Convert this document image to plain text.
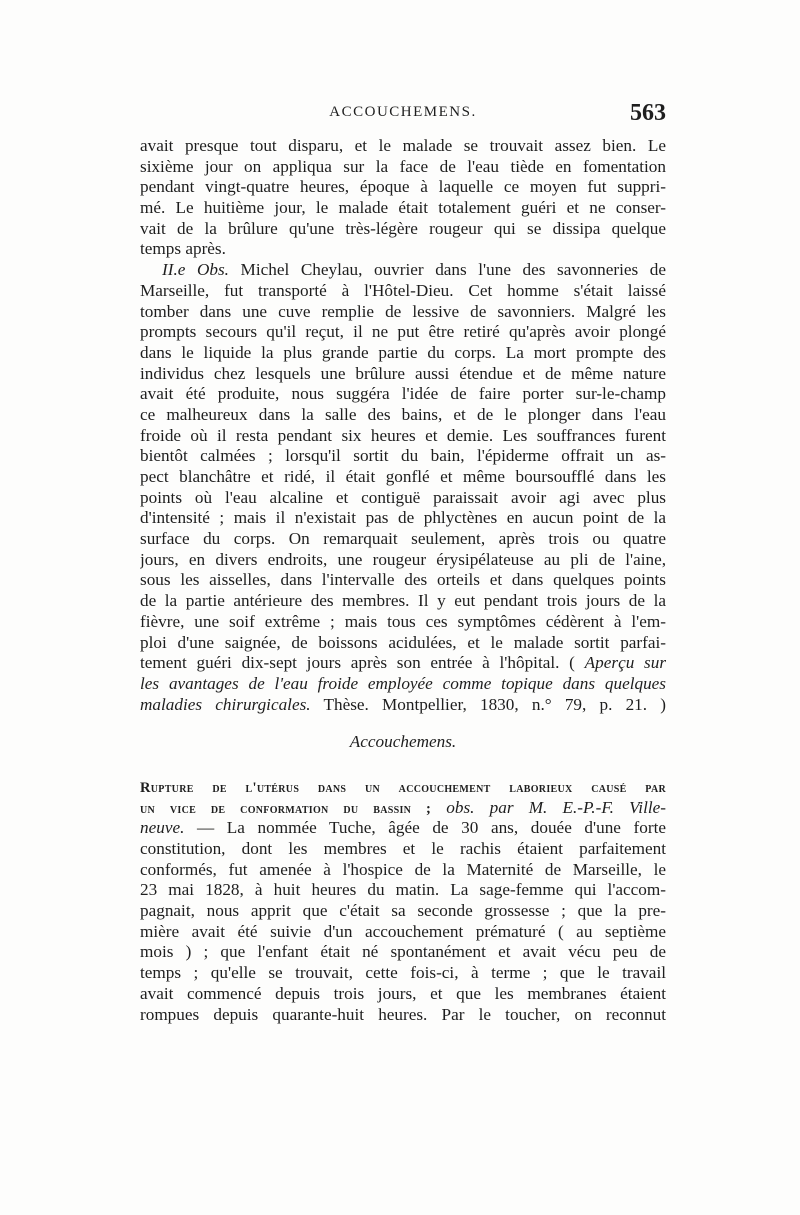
ACCOUCHEMENS.	563
avait presque tout disparu, et le malade se trouvait assez bien. Le
sixième jour on appliqua sur la face de l'eau tiède en fomentation
pendant vingt-quatre heures, époque à laquelle ce moyen fut suppri-
mé. Le huitième jour, le malade était totalement guéri et ne conser-
vait de la brûlure qu'une très-légère rougeur qui se dissipa quelque
temps après.
II.e Obs. Michel Cheylau, ouvrier dans l'une des savonneries de
Marseille, fut transporté à l'Hôtel-Dieu. Cet homme s'était laissé
tomber dans une cuve remplie de lessive de savonniers. Malgré les
prompts secours qu'il reçut, il ne put être retiré qu'après avoir plongé
dans le liquide la plus grande partie du corps. La mort prompte des
individus chez lesquels une brûlure aussi étendue et de même nature
avait été produite, nous suggéra l'idée de faire porter sur-le-champ
ce malheureux dans la salle des bains, et de le plonger dans l'eau
froide où il resta pendant six heures et demie. Les souffrances furent
bientôt calmées ; lorsqu'il sortit du bain, l'épiderme offrait un as-
pect blanchâtre et ridé, il était gonflé et même boursoufflé dans les
points où l'eau alcaline et contiguë paraissait avoir agi avec plus
d'intensité ; mais il n'existait pas de phlyctènes en aucun point de la
surface du corps. On remarquait seulement, après trois ou quatre
jours, en divers endroits, une rougeur érysipélateuse au pli de l'aine,
sous les aisselles, dans l'intervalle des orteils et dans quelques points
de la partie antérieure des membres. Il y eut pendant trois jours de la
fièvre, une soif extrême ; mais tous ces symptômes cédèrent à l'em-
ploi d'une saignée, de boissons acidulées, et le malade sortit parfai-
tement guéri dix-sept jours après son entrée à l'hôpital. ( Aperçu sur
les avantages de l'eau froide employée comme topique dans quelques
maladies chirurgicales. Thèse. Montpellier, 1830, n.° 79, p. 21. )
Accouchemens.
Rupture de l'utérus dans un accouchement laborieux causé par
un vice de conformation du bassin ; obs. par M. E.-P.-F. Ville-
neuve. — La nommée Tuche, âgée de 30 ans, douée d'une forte
constitution, dont les membres et le rachis étaient parfaitement
conformés, fut amenée à l'hospice de la Maternité de Marseille, le
23 mai 1828, à huit heures du matin. La sage-femme qui l'accom-
pagnait, nous apprit que c'était sa seconde grossesse ; que la pre-
mière avait été suivie d'un accouchement prématuré ( au septième
mois ) ; que l'enfant était né spontanément et avait vécu peu de
temps ; qu'elle se trouvait, cette fois-ci, à terme ; que le travail
avait commencé depuis trois jours, et que les membranes étaient
rompues depuis quarante-huit heures. Par le toucher, on reconnut
